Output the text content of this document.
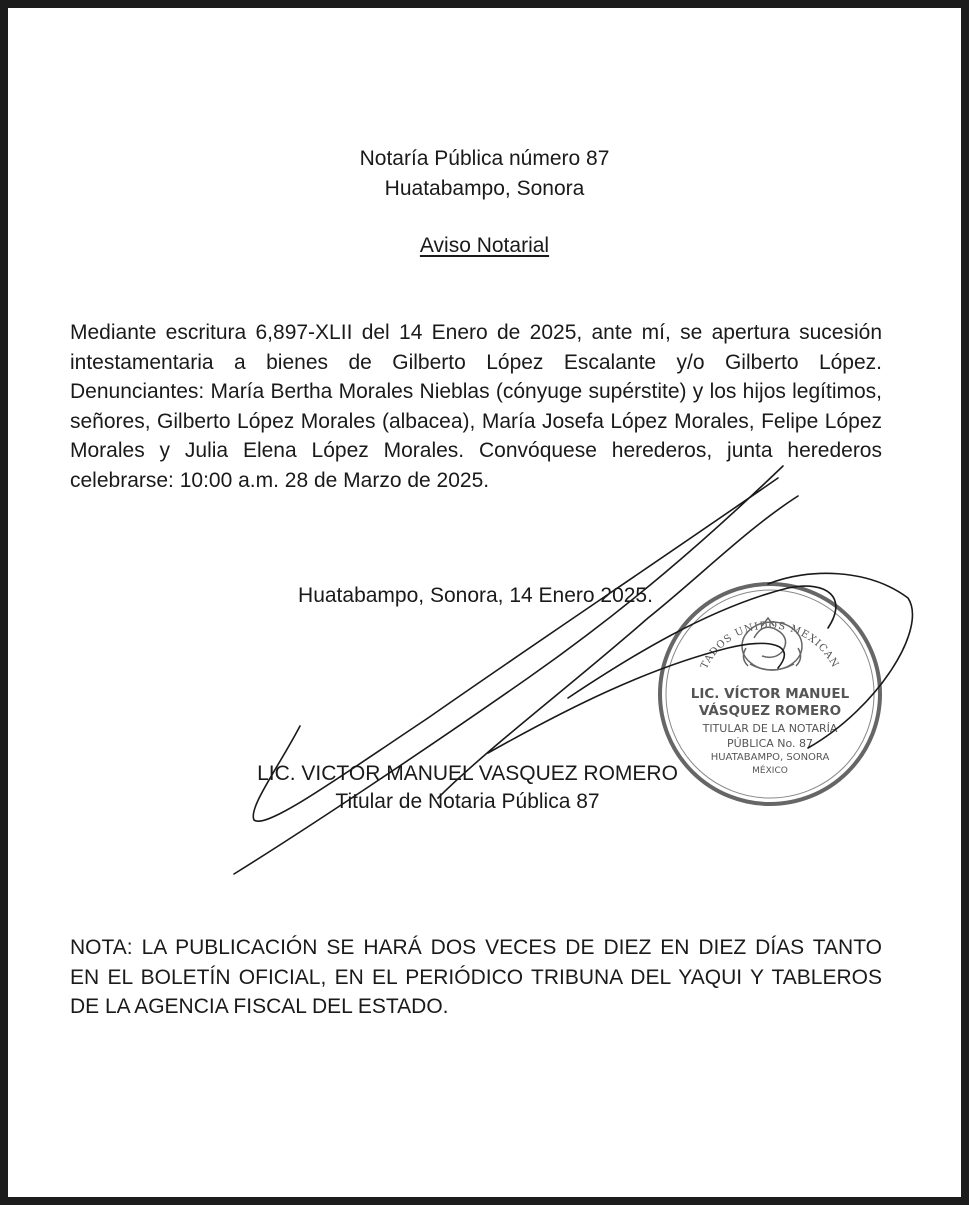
Notaría Pública número 87
Huatabampo, Sonora
Aviso Notarial
Mediante escritura 6,897-XLII del 14 Enero de 2025, ante mí, se apertura sucesión intestamentaria a bienes de Gilberto López Escalante y/o Gilberto López. Denunciantes: María Bertha Morales Nieblas (cónyuge supérstite) y los hijos legítimos, señores, Gilberto López Morales (albacea), María Josefa López Morales, Felipe López Morales y Julia Elena López Morales. Convóquese herederos, junta herederos celebrarse: 10:00 a.m. 28 de Marzo de 2025.
Huatabampo, Sonora, 14 Enero 2025.
LIC. VICTOR MANUEL VASQUEZ ROMERO
Titular de Notaria Pública 87
NOTA: LA PUBLICACIÓN SE HARÁ DOS VECES DE DIEZ EN DIEZ DÍAS TANTO
EN EL BOLETÍN OFICIAL, EN EL PERIÓDICO TRIBUNA DEL YAQUI Y TABLEROS
DE LA AGENCIA FISCAL DEL ESTADO.
TADOS UNIDOS MEXICAN
LIC. VÍCTOR MANUEL
VÁSQUEZ ROMERO
TITULAR DE LA NOTARÍA
PÚBLICA No. 87
HUATABAMPO, SONORA
MÉXICO
